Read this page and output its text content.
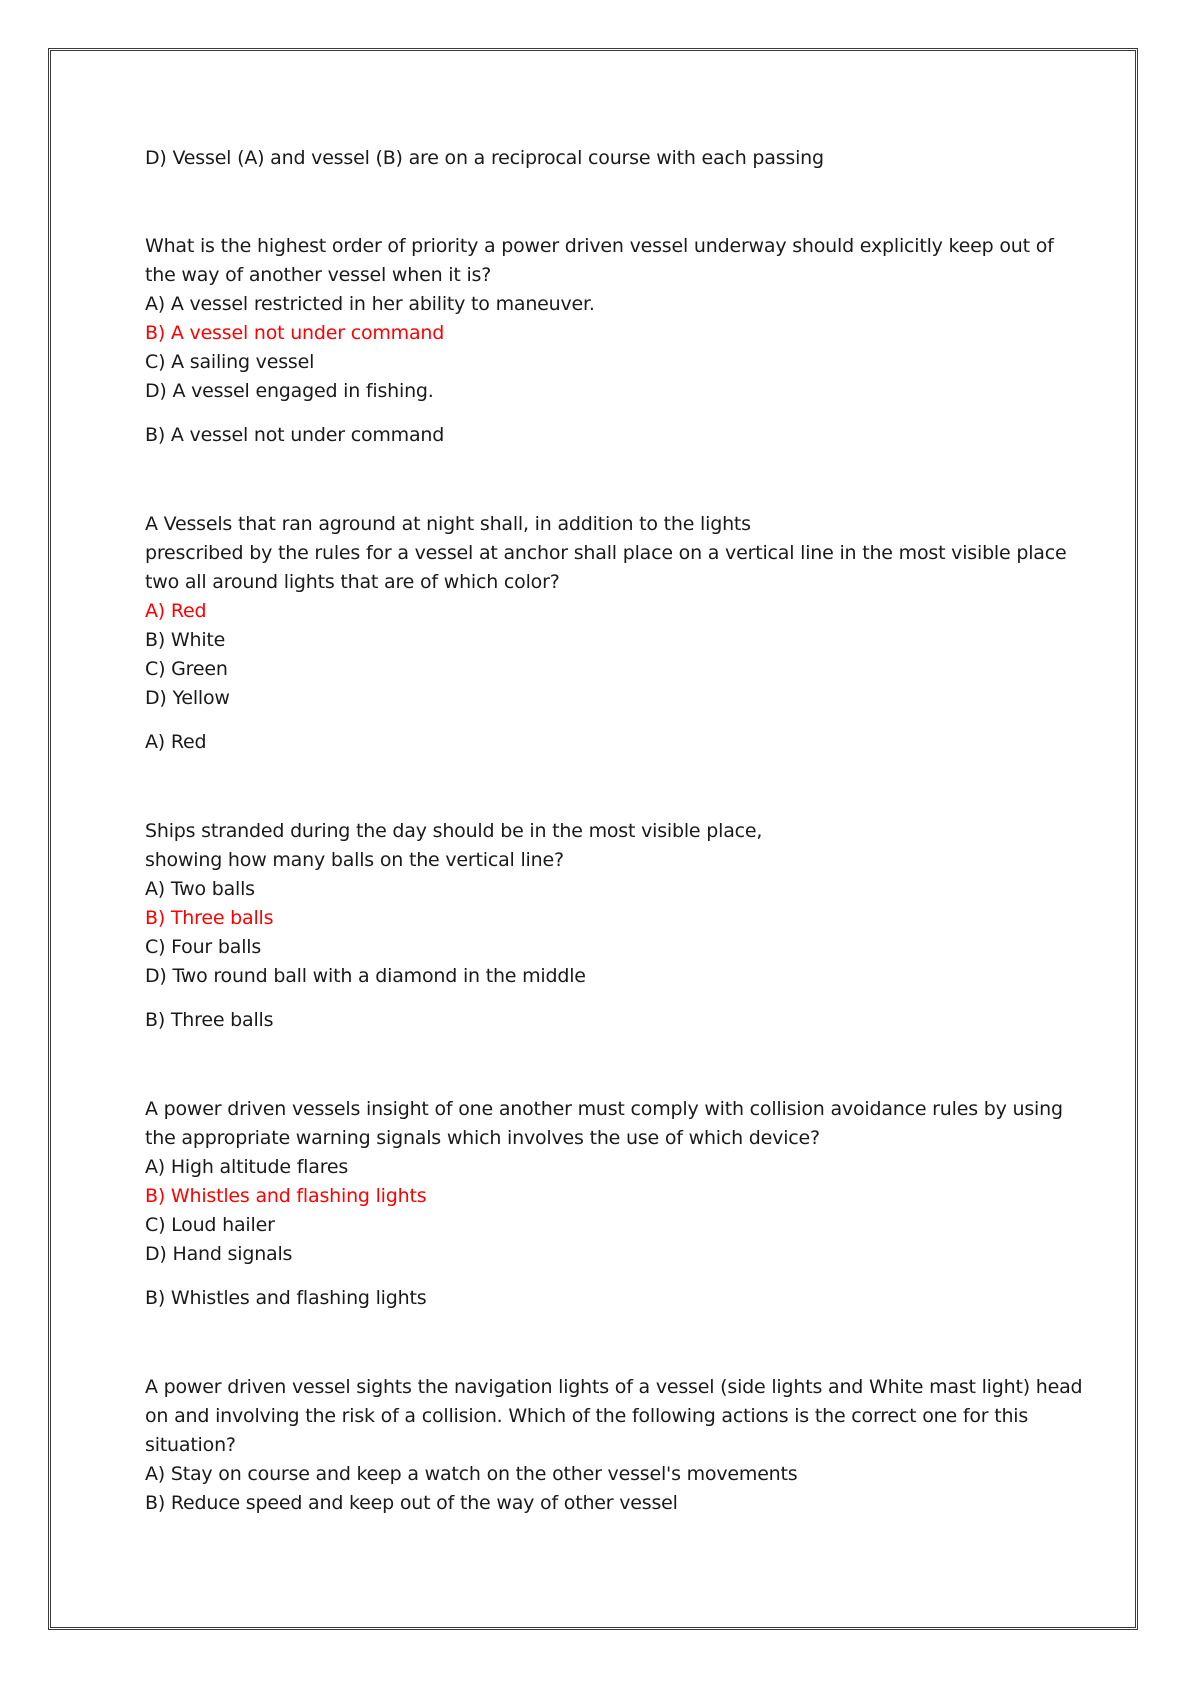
D) Vessel (A) and vessel (B) are on a reciprocal course with each passing

What is the highest order of priority a power driven vessel underway should explicitly keep out of

the way of another vessel when it is?

A) A vessel restricted in her ability to maneuver.

B) A vessel not under command

C) A sailing vessel

D) A vessel engaged in fishing.

B) A vessel not under command

A Vessels that ran aground at night shall, in addition to the lights

prescribed by the rules for a vessel at anchor shall place on a vertical line in the most visible place

two all around lights that are of which color?

A) Red

B) White

C) Green

D) Yellow

A) Red

Ships stranded during the day should be in the most visible place,

showing how many balls on the vertical line?

A) Two balls

B) Three balls

C) Four balls

D) Two round ball with a diamond in the middle

B) Three balls

A power driven vessels insight of one another must comply with collision avoidance rules by using

the appropriate warning signals which involves the use of which device?

A) High altitude flares

B) Whistles and flashing lights

C) Loud hailer

D) Hand signals

B) Whistles and flashing lights

A power driven vessel sights the navigation lights of a vessel (side lights and White mast light) head

on and involving the risk of a collision. Which of the following actions is the correct one for this

situation?

A) Stay on course and keep a watch on the other vessel's movements

B) Reduce speed and keep out of the way of other vessel
